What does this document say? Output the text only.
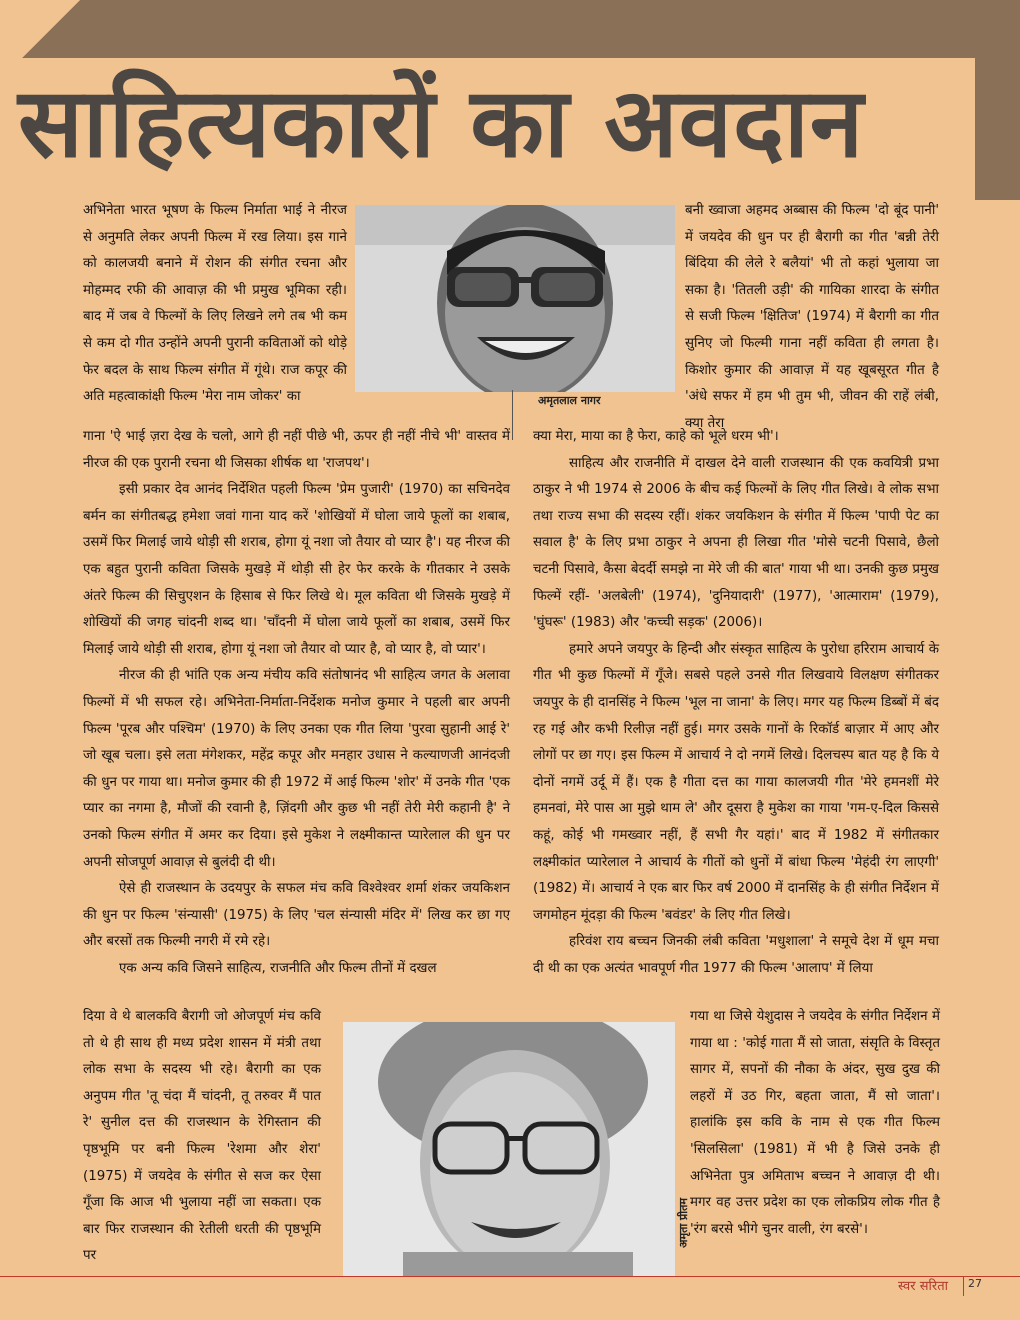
साहित्यकारों का अवदान

अभिनेता भारत भूषण के फिल्म निर्माता भाई ने नीरज से अनुमति लेकर अपनी फिल्म में रख लिया। इस गाने को कालजयी बनाने में रोशन की संगीत रचना और मोहम्मद रफी की आवाज़ की भी प्रमुख भूमिका रही। बाद में जब वे फिल्मों के लिए लिखने लगे तब भी कम से कम दो गीत उन्होंने अपनी पुरानी कविताओं को थोड़े फेर बदल के साथ फिल्म संगीत में गूंथे। राज कपूर की अति महत्वाकांक्षी फिल्म 'मेरा नाम जोकर' का

गाना 'ऐ भाई ज़रा देख के चलो, आगे ही नहीं पीछे भी, ऊपर ही नहीं नीचे भी' वास्तव में नीरज की एक पुरानी रचना थी जिसका शीर्षक था 'राजपथ'।

इसी प्रकार देव आनंद निर्देशित पहली फिल्म 'प्रेम पुजारी' (1970) का सचिनदेव बर्मन का संगीतबद्ध हमेशा जवां गाना याद करें 'शोखियों में घोला जाये फूलों का शबाब, उसमें फिर मिलाई जाये थोड़ी सी शराब, होगा यूं नशा जो तैयार वो प्यार है'। यह नीरज की एक बहुत पुरानी कविता जिसके मुखड़े में थोड़ी सी हेर फेर करके के गीतकार ने उसके अंतरे फिल्म की सिचुएशन के हिसाब से फिर लिखे थे। मूल कविता थी जिसके मुखड़े में शोखियों की जगह चांदनी शब्द था। 'चाँदनी में घोला जाये फूलों का शबाब, उसमें फिर मिलाई जाये थोड़ी सी शराब, होगा यूं नशा जो तैयार वो प्यार है, वो प्यार है, वो प्यार'।

नीरज की ही भांति एक अन्य मंचीय कवि संतोषानंद भी साहित्य जगत के अलावा फिल्मों में भी सफल रहे। अभिनेता-निर्माता-निर्देशक मनोज कुमार ने पहली बार अपनी फिल्म 'पूरब और पश्चिम' (1970) के लिए उनका एक गीत लिया 'पुरवा सुहानी आई रे' जो खूब चला। इसे लता मंगेशकर, महेंद्र कपूर और मनहार उधास ने कल्याणजी आनंदजी की धुन पर गाया था। मनोज कुमार की ही 1972 में आई फिल्म 'शोर' में उनके गीत 'एक प्यार का नगमा है, मौजों की रवानी है, ज़िंदगी और कुछ भी नहीं तेरी मेरी कहानी है' ने उनको फिल्म संगीत में अमर कर दिया। इसे मुकेश ने लक्ष्मीकान्त प्यारेलाल की धुन पर अपनी सोजपूर्ण आवाज़ से बुलंदी दी थी।

ऐसे ही राजस्थान के उदयपुर के सफल मंच कवि विश्वेश्वर शर्मा शंकर जयकिशन की धुन पर फिल्म 'संन्यासी' (1975) के लिए 'चल संन्यासी मंदिर में' लिख कर छा गए और बरसों तक फिल्मी नगरी में रमे रहे।

एक अन्य कवि जिसने साहित्य, राजनीति और फिल्म तीनों में दखल

दिया वे थे बालकवि बैरागी जो ओजपूर्ण मंच कवि तो थे ही साथ ही मध्य प्रदेश शासन में मंत्री तथा लोक सभा के सदस्य भी रहे। बैरागी का एक अनुपम गीत 'तू चंदा मैं चांदनी, तू तरुवर मैं पात रे' सुनील दत्त की राजस्थान के रेगिस्तान की पृष्ठभूमि पर बनी फिल्म 'रेशमा और शेरा' (1975) में जयदेव के संगीत से सज कर ऐसा गूँजा कि आज भी भुलाया नहीं जा सकता। एक बार फिर राजस्थान की रेतीली धरती की पृष्ठभूमि पर

बनी ख्वाजा अहमद अब्बास की फिल्म 'दो बूंद पानी' में जयदेव की धुन पर ही बैरागी का गीत 'बन्नी तेरी बिंदिया की लेले रे बलैयां' भी तो कहां भुलाया जा सका है। 'तितली उड़ी' की गायिका शारदा के संगीत से सजी फिल्म 'क्षितिज' (1974) में बैरागी का गीत सुनिए जो फिल्मी गाना नहीं कविता ही लगता है। किशोर कुमार की आवाज़ में यह खूबसूरत गीत है 'अंधे सफर में हम भी तुम भी, जीवन की राहें लंबी, क्या तेरा

क्या मेरा, माया का है फेरा, काहे को भूले धरम भी'।

साहित्य और राजनीति में दाखल देने वाली राजस्थान की एक कवयित्री प्रभा ठाकुर ने भी 1974 से 2006 के बीच कई फिल्मों के लिए गीत लिखे। वे लोक सभा तथा राज्य सभा की सदस्य रहीं। शंकर जयकिशन के संगीत में फिल्म 'पापी पेट का सवाल है' के लिए प्रभा ठाकुर ने अपना ही लिखा गीत 'मोसे चटनी पिसावे, छैलो चटनी पिसावे, कैसा बेदर्दी समझे ना मेरे जी की बात' गाया भी था। उनकी कुछ प्रमुख फिल्में रहीं- 'अलबेली' (1974), 'दुनियादारी' (1977), 'आत्माराम' (1979), 'घुंघरू' (1983) और 'कच्ची सड़क' (2006)।

हमारे अपने जयपुर के हिन्दी और संस्कृत साहित्य के पुरोधा हरिराम आचार्य के गीत भी कुछ फिल्मों में गूँजे। सबसे पहले उनसे गीत लिखवाये विलक्षण संगीतकर जयपुर के ही दानसिंह ने फिल्म 'भूल ना जाना' के लिए। मगर यह फिल्म डिब्बों में बंद रह गई और कभी रिलीज़ नहीं हुई। मगर उसके गानों के रिकॉर्ड बाज़ार में आए और लोगों पर छा गए। इस फिल्म में आचार्य ने दो नगमें लिखे। दिलचस्प बात यह है कि ये दोनों नगमें उर्दू में हैं। एक है गीता दत्त का गाया कालजयी गीत 'मेरे हमनशीं मेरे हमनवां, मेरे पास आ मुझे थाम ले' और दूसरा है मुकेश का गाया 'गम-ए-दिल किससे कहूं, कोई भी गमख्वार नहीं, हैं सभी गैर यहां।' बाद में 1982 में संगीतकार लक्ष्मीकांत प्यारेलाल ने आचार्य के गीतों को धुनों में बांधा फिल्म 'मेहंदी रंग लाएगी' (1982) में। आचार्य ने एक बार फिर वर्ष 2000 में दानसिंह के ही संगीत निर्देशन में जगमोहन मूंदड़ा की फिल्म 'बवंडर' के लिए गीत लिखे।

हरिवंश राय बच्चन जिनकी लंबी कविता 'मधुशाला' ने समूचे देश में धूम मचा दी थी का एक अत्यंत भावपूर्ण गीत 1977 की फिल्म 'आलाप' में लिया

गया था जिसे येशुदास ने जयदेव के संगीत निर्देशन में गाया था : 'कोई गाता मैं सो जाता, संसृति के विस्तृत सागर में, सपनों की नौका के अंदर, सुख दुख की लहरों में उठ गिर, बहता जाता, मैं सो जाता'। हालांकि इस कवि के नाम से एक गीत फिल्म 'सिलसिला' (1981) में भी है जिसे उनके ही अभिनेता पुत्र अमिताभ बच्चन ने आवाज़ दी थी। मगर वह उत्तर प्रदेश का एक लोकप्रिय लोक गीत है 'रंग बरसे भीगे चुनर वाली, रंग बरसे'।

अमृतलाल नागर
अमृता प्रीतम
स्वर सरिता 27
